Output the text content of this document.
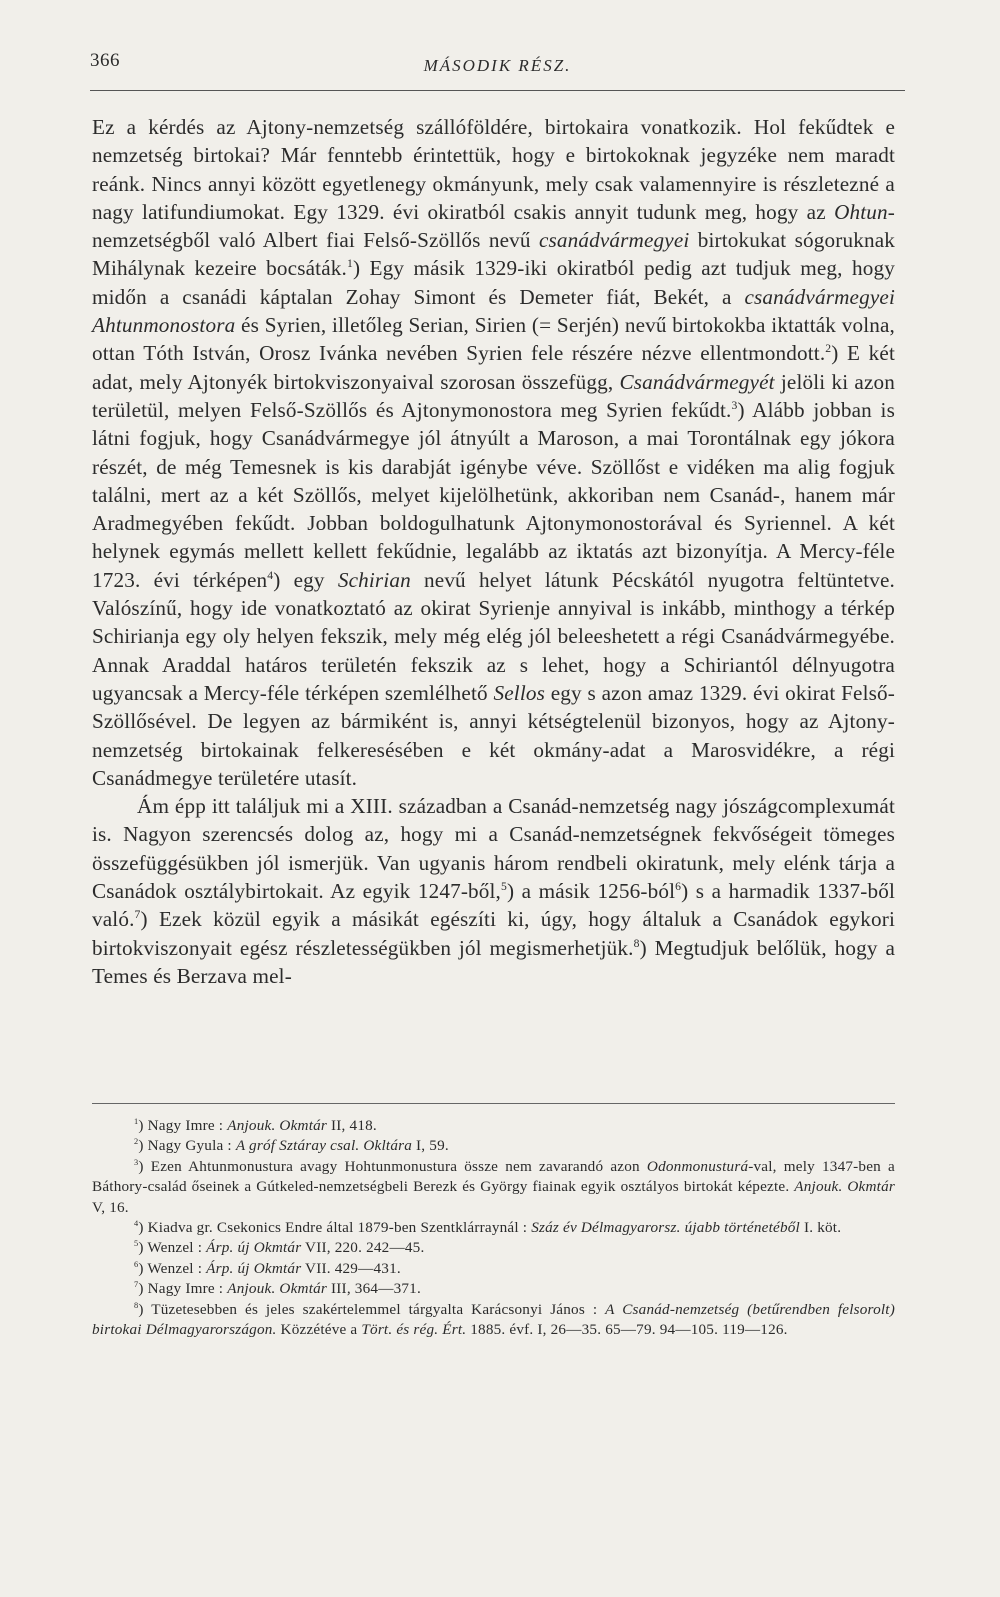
366	MÁSODIK RÉSZ.

Ez a kérdés az Ajtony-nemzetség szállóföldére, birtokaira vonatkozik. Hol fekűdtek e nemzetség birtokai? Már fenntebb érintettük, hogy e birtokoknak jegyzéke nem maradt reánk. Nincs annyi között egyetlenegy okmányunk, mely csak valamennyire is részletezné a nagy latifundiumokat. Egy 1329. évi okiratból csakis annyit tudunk meg, hogy az Ohtun-nemzetségből való Albert fiai Felső-Szöllős nevű csanádvármegyei birtokukat sógoruknak Mihálynak kezeire bocsáták.$^1$) Egy másik 1329-iki okiratból pedig azt tudjuk meg, hogy midőn a csanádi káptalan Zohay Simont és Demeter fiát, Bekét, a csanádvármegyei Ahtunmonostora és Syrien, illetőleg Serian, Sirien (= Serjén) nevű birtokokba iktatták volna, ottan Tóth István, Orosz Ivánka nevében Syrien fele részére nézve ellentmondott.$^2$) E két adat, mely Ajtonyék birtokviszonyaival szorosan összefügg, Csanádvármegyét jelöli ki azon területül, melyen Felső-Szöllős és Ajtonymonostora meg Syrien fekűdt.$^3$) Alább jobban is látni fogjuk, hogy Csanádvármegye jól átnyúlt a Maroson, a mai Torontálnak egy jókora részét, de még Temesnek is kis darabját igénybe véve. Szöllőst e vidéken ma alig fogjuk találni, mert az a két Szöllős, melyet kijelölhetünk, akkoriban nem Csanád-, hanem már Aradmegyében fekűdt. Jobban boldogulhatunk Ajtonymonostorával és Syriennel. A két helynek egymás mellett kellett fekűdnie, legalább az iktatás azt bizonyítja. A Mercy-féle 1723. évi térképen$^4$) egy Schirian nevű helyet látunk Pécskától nyugotra feltüntetve. Valószínű, hogy ide vonatkoztató az okirat Syrienje annyival is inkább, minthogy a térkép Schirianja egy oly helyen fekszik, mely még elég jól beleeshetett a régi Csanádvármegyébe. Annak Araddal határos területén fekszik az s lehet, hogy a Schiriantól délnyugotra ugyancsak a Mercy-féle térképen szemlélhető Sellos egy s azon amaz 1329. évi okirat Felső-Szöllősével. De legyen az bármiként is, annyi kétségtelenül bizonyos, hogy az Ajtony-nemzetség birtokainak felkeresésében e két okmány-adat a Marosvidékre, a régi Csanádmegye területére utasít.

Ám épp itt találjuk mi a XIII. században a Csanád-nemzetség nagy jószágcomplexumát is. Nagyon szerencsés dolog az, hogy mi a Csanád-nemzetségnek fekvőségeit tömeges összefüggésükben jól ismerjük. Van ugyanis három rendbeli okiratunk, mely elénk tárja a Csanádok osztálybirtokait. Az egyik 1247-ből,$^5$) a másik 1256-ból$^6$) s a harmadik 1337-ből való.$^7$) Ezek közül egyik a másikát egészíti ki, úgy, hogy általuk a Csanádok egykori birtokviszonyait egész részletességükben jól megismerhetjük.$^8$) Megtudjuk belőlük, hogy a Temes és Berzava mel-

$^1$) Nagy Imre : Anjouk. Okmtár II, 418.

$^2$) Nagy Gyula : A gróf Sztáray csal. Okltára I, 59.

$^3$) Ezen Ahtunmonustura avagy Hohtunmonustura össze nem zavarandó azon Odonmonusturá-val, mely 1347-ben a Báthory-család őseinek a Gútkeled-nemzetségbeli Berezk és György fiainak egyik osztályos birtokát képezte. Anjouk. Okmtár V, 16.

$^4$) Kiadva gr. Csekonics Endre által 1879-ben Szentklárraynál : Száz év Délmagyarorsz. újabb történetéből I. köt.

$^5$) Wenzel : Árp. új Okmtár VII, 220. 242—45.

$^6$) Wenzel : Árp. új Okmtár VII. 429—431.

$^7$) Nagy Imre : Anjouk. Okmtár III, 364—371.

$^8$) Tüzetesebben és jeles szakértelemmel tárgyalta Karácsonyi János : A Csanád-nemzetség (betűrendben felsorolt) birtokai Délmagyarországon. Közzétéve a Tört. és rég. Ért. 1885. évf. I, 26—35. 65—79. 94—105. 119—126.
